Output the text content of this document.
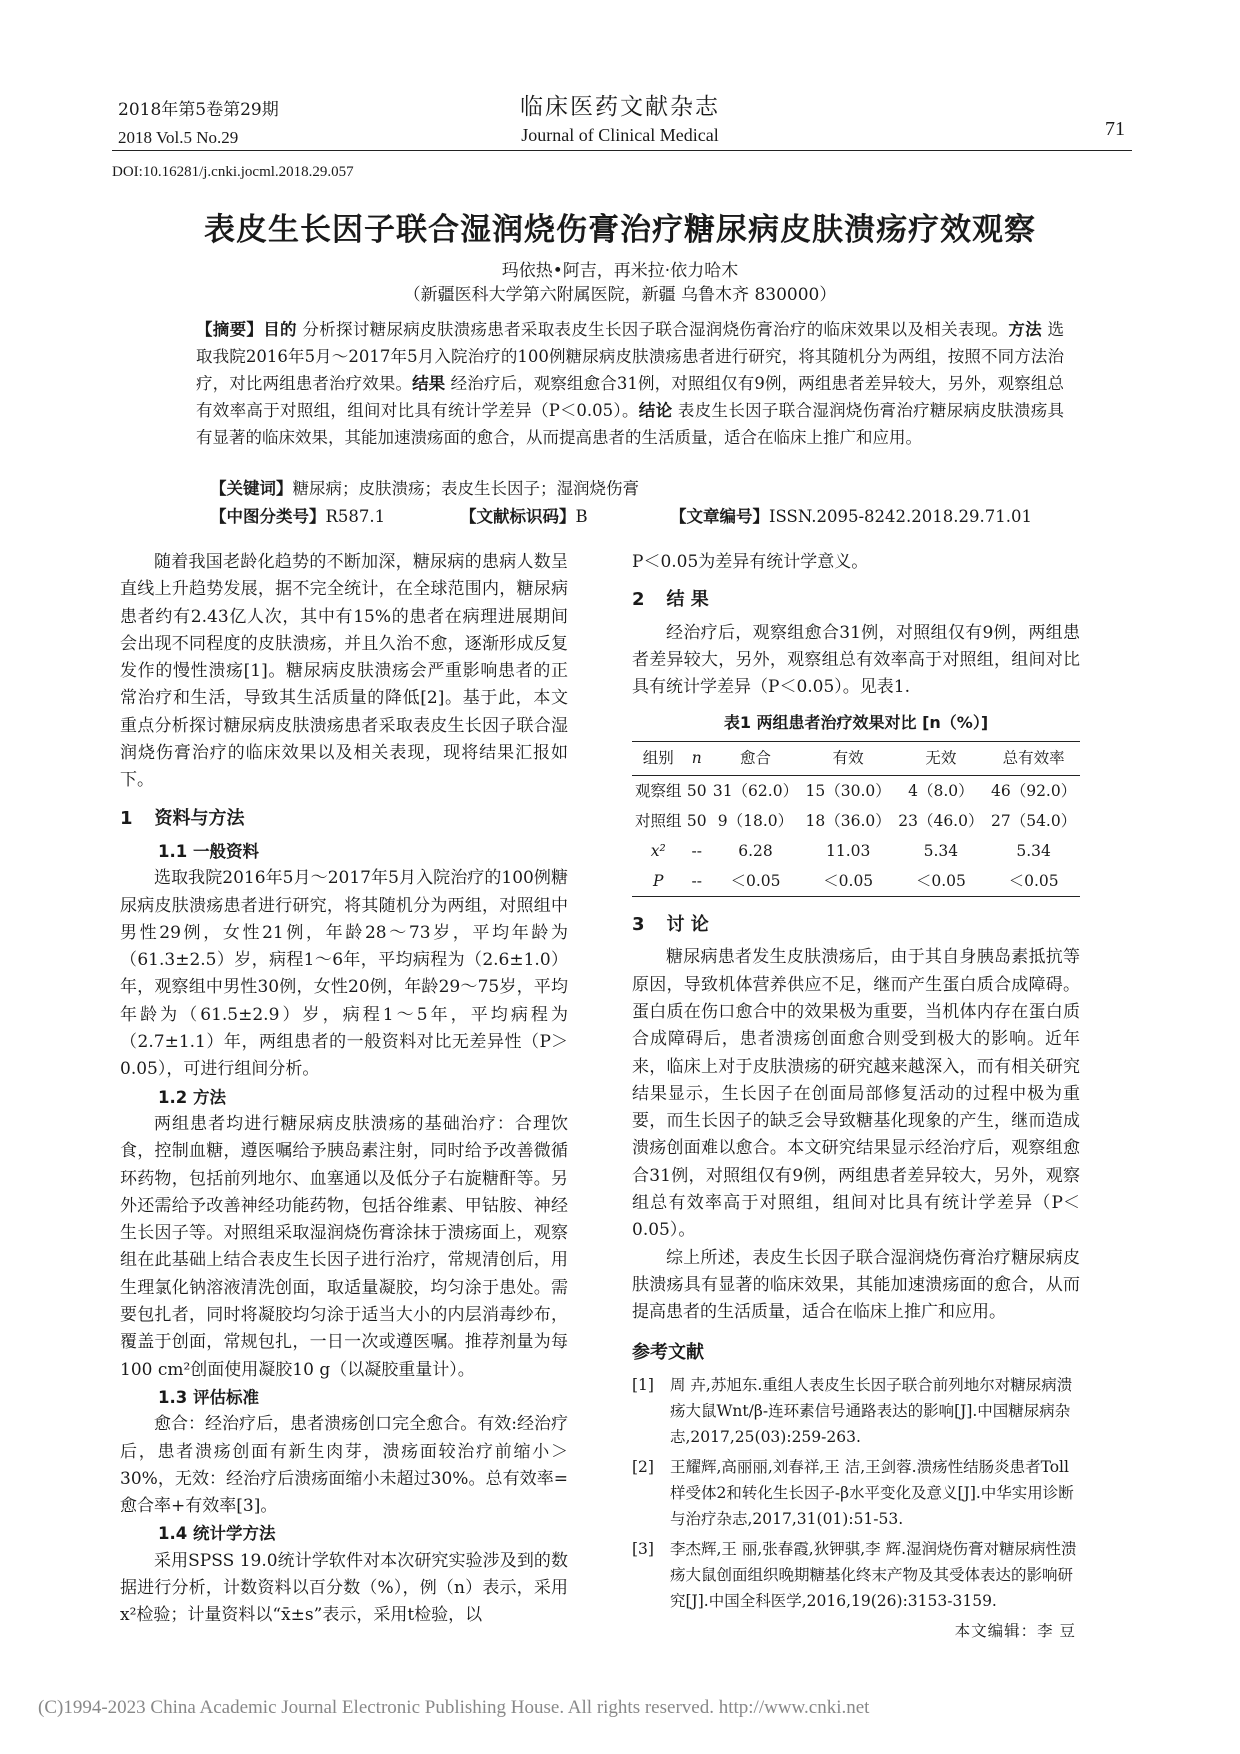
2018年第5卷第29期
2018 Vol.5 No.29
临床医药文献杂志
Journal of Clinical Medical	71
DOI:10.16281/j.cnki.jocml.2018.29.057
表皮生长因子联合湿润烧伤膏治疗糖尿病皮肤溃疡疗效观察
玛依热•阿吉，再米拉·依力哈木
（新疆医科大学第六附属医院，新疆 乌鲁木齐 830000）
【摘要】目的 分析探讨糖尿病皮肤溃疡患者采取表皮生长因子联合湿润烧伤膏治疗的临床效果以及相关表现。方法 选取我院2016年5月～2017年5月入院治疗的100例糖尿病皮肤溃疡患者进行研究，将其随机分为两组，按照不同方法治疗，对比两组患者治疗效果。结果 经治疗后，观察组愈合31例，对照组仅有9例，两组患者差异较大，另外，观察组总有效率高于对照组，组间对比具有统计学差异（P＜0.05）。结论 表皮生长因子联合湿润烧伤膏治疗糖尿病皮肤溃疡具有显著的临床效果，其能加速溃疡面的愈合，从而提高患者的生活质量，适合在临床上推广和应用。
【关键词】糖尿病；皮肤溃疡；表皮生长因子；湿润烧伤膏
【中图分类号】R587.1	【文献标识码】B	【文章编号】ISSN.2095-8242.2018.29.71.01

随着我国老龄化趋势的不断加深，糖尿病的患病人数呈直线上升趋势发展，据不完全统计，在全球范围内，糖尿病患者约有2.43亿人次，其中有15%的患者在病理进展期间会出现不同程度的皮肤溃疡，并且久治不愈，逐渐形成反复发作的慢性溃疡[1]。糖尿病皮肤溃疡会严重影响患者的正常治疗和生活，导致其生活质量的降低[2]。基于此，本文重点分析探讨糖尿病皮肤溃疡患者采取表皮生长因子联合湿润烧伤膏治疗的临床效果以及相关表现，现将结果汇报如下。

1 资料与方法
1.1 一般资料

选取我院2016年5月～2017年5月入院治疗的100例糖尿病皮肤溃疡患者进行研究，将其随机分为两组，对照组中男性29例，女性21例，年龄28～73岁，平均年龄为（61.3±2.5）岁，病程1～6年，平均病程为（2.6±1.0）年，观察组中男性30例，女性20例，年龄29～75岁，平均年龄为（61.5±2.9）岁，病程1～5年，平均病程为（2.7±1.1）年，两组患者的一般资料对比无差异性（P＞0.05），可进行组间分析。

1.2 方法

两组患者均进行糖尿病皮肤溃疡的基础治疗：合理饮食，控制血糖，遵医嘱给予胰岛素注射，同时给予改善微循环药物，包括前列地尔、血塞通以及低分子右旋糖酐等。另外还需给予改善神经功能药物，包括谷维素、甲钴胺、神经生长因子等。对照组采取湿润烧伤膏涂抹于溃疡面上，观察组在此基础上结合表皮生长因子进行治疗，常规清创后，用生理氯化钠溶液清洗创面，取适量凝胶，均匀涂于患处。需要包扎者，同时将凝胶均匀涂于适当大小的内层消毒纱布，覆盖于创面，常规包扎，一日一次或遵医嘱。推荐剂量为每100 cm²创面使用凝胶10 g（以凝胶重量计）。

1.3 评估标准

愈合：经治疗后，患者溃疡创口完全愈合。有效:经治疗后，患者溃疡创面有新生肉芽，溃疡面较治疗前缩小＞30%，无效：经治疗后溃疡面缩小未超过30%。总有效率=愈合率+有效率[3]。

1.4 统计学方法

采用SPSS 19.0统计学软件对本次研究实验涉及到的数据进行分析，计数资料以百分数（%），例（n）表示，采用x²检验；计量资料以“x̄±s”表示，采用t检验，以

P＜0.05为差异有统计学意义。

2 结 果

经治疗后，观察组愈合31例，对照组仅有9例，两组患者差异较大，另外，观察组总有效率高于对照组，组间对比具有统计学差异（P＜0.05）。见表1.

表1 两组患者治疗效果对比 [n（%）]
组别	n	愈合	有效	无效	总有效率
观察组	50	31（62.0）	15（30.0）	4（8.0）	46（92.0）
对照组	50	9（18.0）	18（36.0）	23（46.0）	27（54.0）
x²	--	6.28	11.03	5.34	5.34
P	--	＜0.05	＜0.05	＜0.05	＜0.05
3 讨 论

糖尿病患者发生皮肤溃疡后，由于其自身胰岛素抵抗等原因，导致机体营养供应不足，继而产生蛋白质合成障碍。蛋白质在伤口愈合中的效果极为重要，当机体内存在蛋白质合成障碍后，患者溃疡创面愈合则受到极大的影响。近年来，临床上对于皮肤溃疡的研究越来越深入，而有相关研究结果显示，生长因子在创面局部修复活动的过程中极为重要，而生长因子的缺乏会导致糖基化现象的产生，继而造成溃疡创面难以愈合。本文研究结果显示经治疗后，观察组愈合31例，对照组仅有9例，两组患者差异较大，另外，观察组总有效率高于对照组，组间对比具有统计学差异（P＜0.05）。

综上所述，表皮生长因子联合湿润烧伤膏治疗糖尿病皮肤溃疡具有显著的临床效果，其能加速溃疡面的愈合，从而提高患者的生活质量，适合在临床上推广和应用。

参考文献
[1]	周 卉,苏旭东.重组人表皮生长因子联合前列地尔对糖尿病溃疡大鼠Wnt/β-连环素信号通路表达的影响[J].中国糖尿病杂志,2017,25(03):259-263.
[2]	王耀辉,高丽丽,刘春祥,王 洁,王剑蓉.溃疡性结肠炎患者Toll样受体2和转化生长因子-β水平变化及意义[J].中华实用诊断与治疗杂志,2017,31(01):51-53.
[3]	李杰辉,王 丽,张春霞,狄钾骐,李 辉.湿润烧伤膏对糖尿病性溃疡大鼠创面组织晚期糖基化终末产物及其受体表达的影响研究[J].中国全科医学,2016,19(26):3153-3159.
本文编辑：李 豆
(C)1994-2023 China Academic Journal Electronic Publishing House. All rights reserved. http://www.cnki.net
